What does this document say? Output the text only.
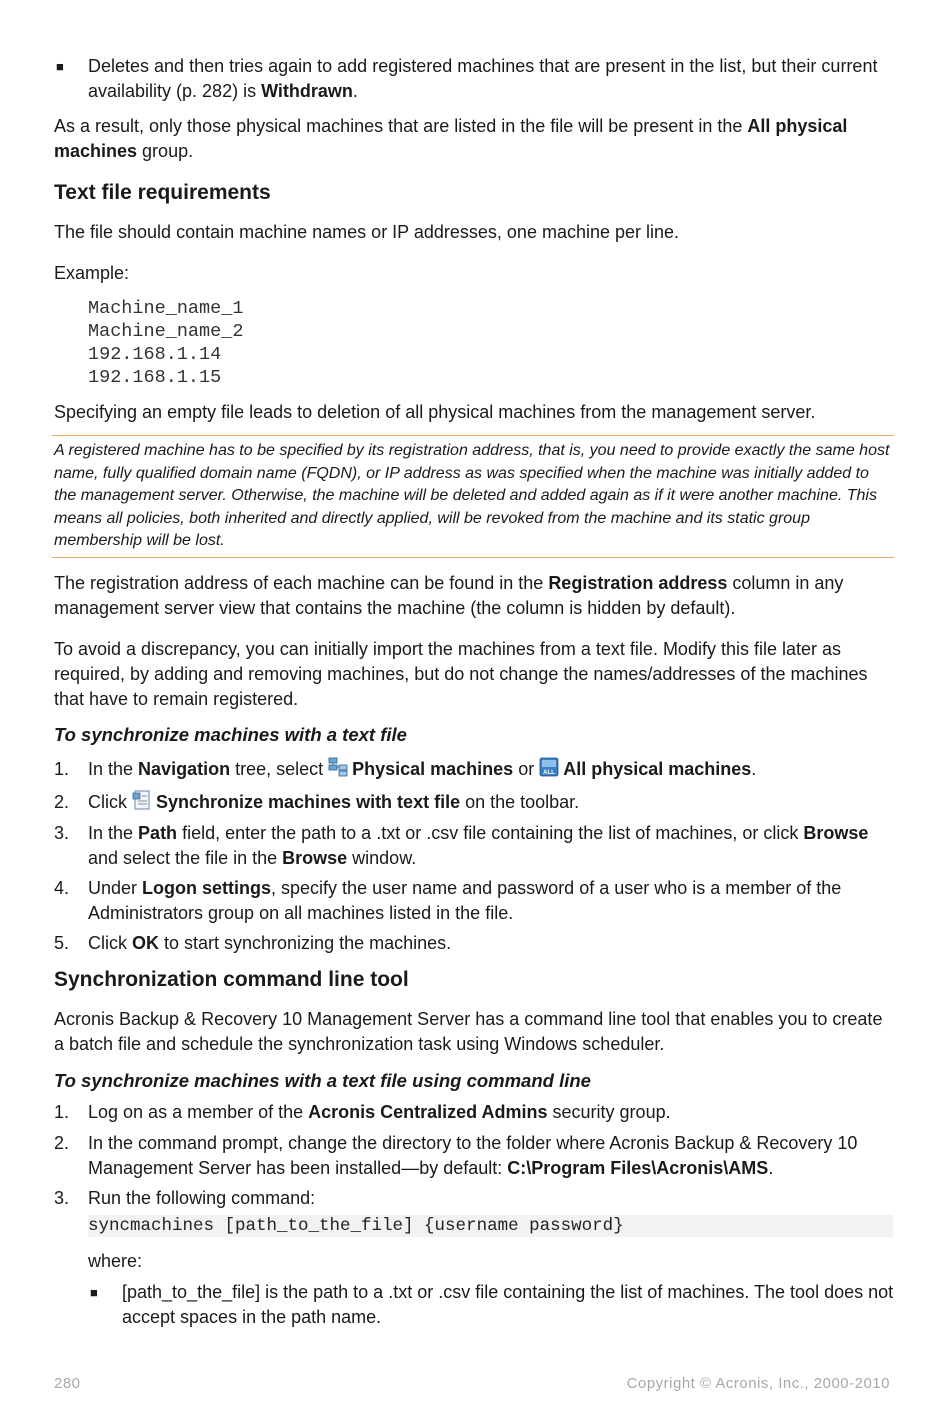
■ Deletes and then tries again to add registered machines that are present in the list, but their current availability (p. 282) is Withdrawn.

As a result, only those physical machines that are listed in the file will be present in the All physical machines group.

Text file requirements

The file should contain machine names or IP addresses, one machine per line.

Example:

Machine_name_1
Machine_name_2
192.168.1.14
192.168.1.15

Specifying an empty file leads to deletion of all physical machines from the management server.

A registered machine has to be specified by its registration address, that is, you need to provide exactly the same host name, fully qualified domain name (FQDN), or IP address as was specified when the machine was initially added to the management server. Otherwise, the machine will be deleted and added again as if it were another machine. This means all policies, both inherited and directly applied, will be revoked from the machine and its static group membership will be lost.

The registration address of each machine can be found in the Registration address column in any management server view that contains the machine (the column is hidden by default).

To avoid a discrepancy, you can initially import the machines from a text file. Modify this file later as required, by adding and removing machines, but do not change the names/addresses of the machines that have to remain registered.

To synchronize machines with a text file
1. In the Navigation tree, select Physical machines or ALL All physical machines.
2. Click Synchronize machines with text file on the toolbar.
3. In the Path field, enter the path to a .txt or .csv file containing the list of machines, or click Browse and select the file in the Browse window.
4. Under Logon settings, specify the user name and password of a user who is a member of the Administrators group on all machines listed in the file.
5. Click OK to start synchronizing the machines.
Synchronization command line tool

Acronis Backup & Recovery 10 Management Server has a command line tool that enables you to create a batch file and schedule the synchronization task using Windows scheduler.

To synchronize machines with a text file using command line
1. Log on as a member of the Acronis Centralized Admins security group.
2. In the command prompt, change the directory to the folder where Acronis Backup & Recovery 10 Management Server has been installed—by default: C:\Program Files\Acronis\AMS.
3. Run the following command:
syncmachines [path_to_the_file] {username password}

where:

■ [path_to_the_file] is the path to a .txt or .csv file containing the list of machines. The tool does not accept spaces in the path name.
280	Copyright © Acronis, Inc., 2000-2010
